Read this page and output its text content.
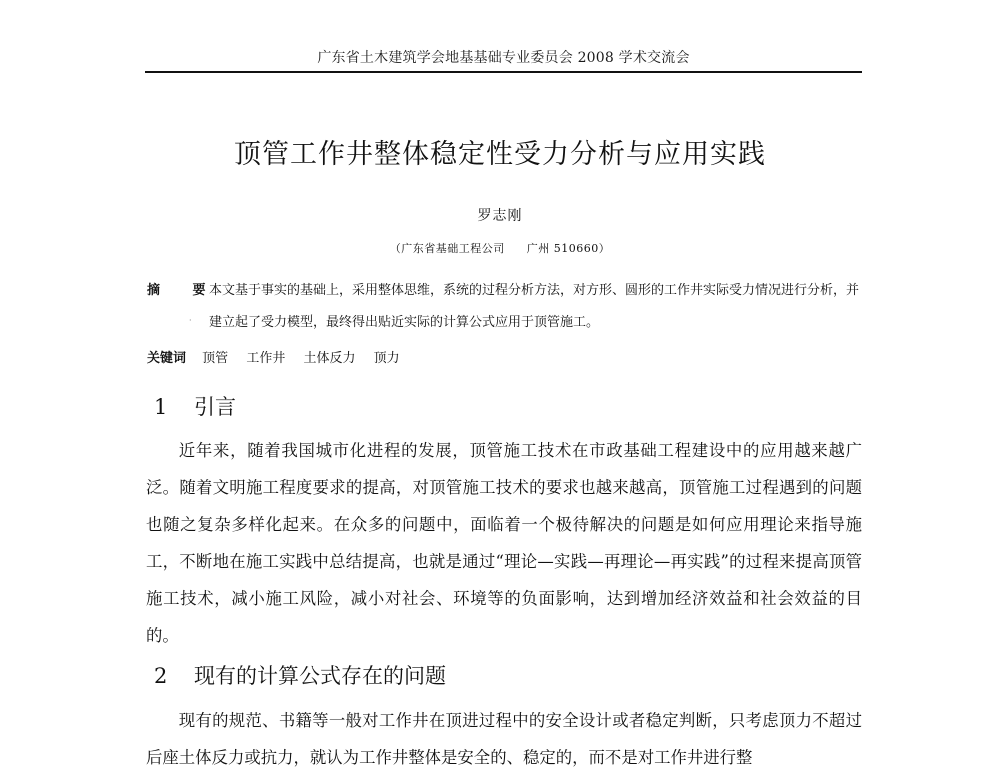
广东省土木建筑学会地基基础专业委员会 2008 学术交流会
顶管工作井整体稳定性受力分析与应用实践
罗志刚
（广东省基础工程公司 广州 510660）
摘 要
·
本文基于事实的基础上，采用整体思维，系统的过程分析方法，对方形、圆形的工作井实际受力情况进行分析，并建立起了受力模型，最终得出贴近实际的计算公式应用于顶管施工。
关键词 顶管 工作井 土体反力 顶力
1 引言

近年来，随着我国城市化进程的发展，顶管施工技术在市政基础工程建设中的应用越来越广泛。随着文明施工程度要求的提高，对顶管施工技术的要求也越来越高，顶管施工过程遇到的问题也随之复杂多样化起来。在众多的问题中，面临着一个极待解决的问题是如何应用理论来指导施工，不断地在施工实践中总结提高，也就是通过“理论—实践—再理论—再实践”的过程来提高顶管施工技术，减小施工风险，减小对社会、环境等的负面影响，达到增加经济效益和社会效益的目的。

2 现有的计算公式存在的问题

现有的规范、书籍等一般对工作井在顶进过程中的安全设计或者稳定判断，只考虑顶力不超过后座土体反力或抗力，就认为工作井整体是安全的、稳定的，而不是对工作井进行整
